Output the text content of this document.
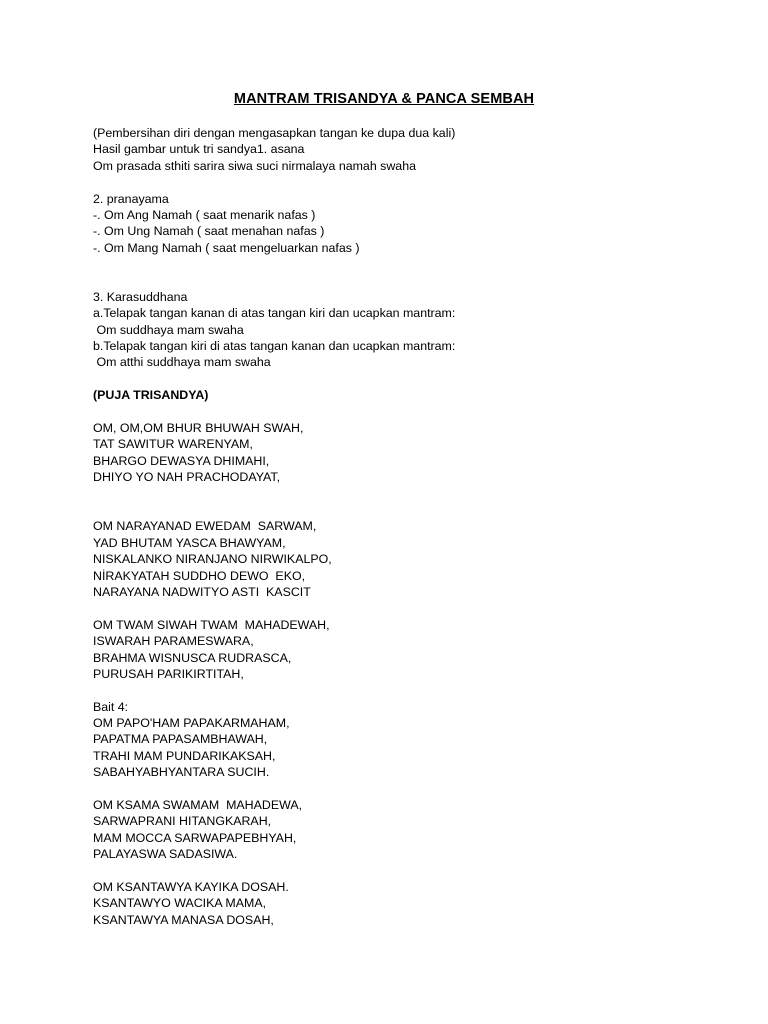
MANTRAM TRISANDYA & PANCA SEMBAH
(Pembersihan diri dengan mengasapkan tangan ke dupa dua kali)
Hasil gambar untuk tri sandya1. asana
Om prasada sthiti sarira siwa suci nirmalaya namah swaha
2. pranayama
-. Om Ang Namah ( saat menarik nafas )
-. Om Ung Namah ( saat menahan nafas )
-. Om Mang Namah ( saat mengeluarkan nafas )
3. Karasuddhana
a.Telapak tangan kanan di atas tangan kiri dan ucapkan mantram:
Om suddhaya mam swaha
b.Telapak tangan kiri di atas tangan kanan dan ucapkan mantram:
Om atthi suddhaya mam swaha
(PUJA TRISANDYA)
OM, OM,OM BHUR BHUWAH SWAH,
TAT SAWITUR WARENYAM,
BHARGO DEWASYA DHIMAHI,
DHIYO YO NAH PRACHODAYAT,
OM NARAYANAD EWEDAM  SARWAM,
YAD BHUTAM YASCA BHAWYAM,
NISKALANKO NIRANJANO NIRWIKALPO,
NİRAKYATAH SUDDHO DEWO  EKO,
NARAYANA NADWITYO ASTI  KASCIT
OM TWAM SIWAH TWAM  MAHADEWAH,
ISWARAH PARAMESWARA,
BRAHMA WISNUSCA RUDRASCA,
PURUSAH PARIKIRTITAH,
Bait 4:
OM PAPO'HAM PAPAKARMAHAM,
PAPATMA PAPASAMBHAWAH,
TRAHI MAM PUNDARIKAKSAH,
SABAHYABHYANTARA SUCIH.
OM KSAMA SWAMAM  MAHADEWA,
SARWAPRANI HITANGKARAH,
MAM MOCCA SARWAPAPEBHYAH,
PALAYASWA SADASIWA.
OM KSANTAWYA KAYIKA DOSAH.
KSANTAWYO WACIKA MAMA,
KSANTAWYA MANASA DOSAH,
